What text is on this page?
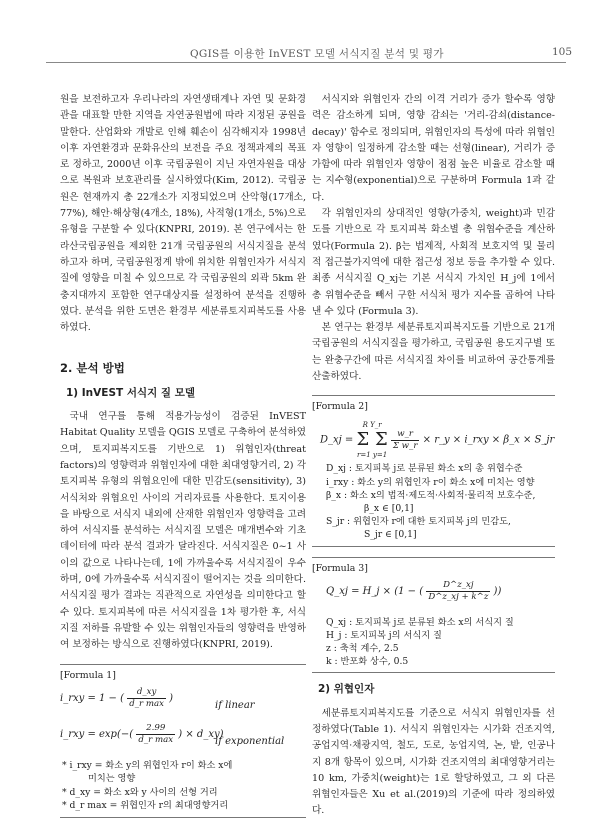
QGIS를 이용한 InVEST 모델 서식지질 분석 및 평가	105

원을 보전하고자 우리나라의 자연생태계나 자연 및 문화경관을 대표할 만한 지역을 자연공원법에 따라 지정된 공원을 말한다. 산업화와 개발로 인해 훼손이 심각해지자 1998년 이후 자연환경과 문화유산의 보전을 주요 정책과제의 목표로 정하고, 2000년 이후 국립공원이 지닌 자연자원을 대상으로 복원과 보호관리를 실시하였다(Kim, 2012). 국립공원은 현재까지 총 22개소가 지정되었으며 산악형(17개소, 77%), 해안·해상형(4개소, 18%), 사적형(1개소, 5%)으로 유형을 구분할 수 있다(KNPRI, 2019). 본 연구에서는 한라산국립공원을 제외한 21개 국립공원의 서식지질을 분석하고자 하며, 국립공원정계 밖에 위치한 위협인자가 서식지질에 영향을 미칠 수 있으므로 각 국립공원의 외곽 5km 완충지대까지 포함한 연구대상지를 설정하여 분석을 진행하였다. 분석을 위한 도면은 환경부 세분류토지피복도를 사용하였다.

2. 분석 방법
1) InVEST 서식지 질 모델

국내 연구를 통해 적용가능성이 검증된 InVEST Habitat Quality 모델을 QGIS 모델로 구축하여 분석하였으며, 토지피복지도를 기반으로 1) 위협인자(threat factors)의 영향력과 위협인자에 대한 최대영향거리, 2) 각 토지피복 유형의 위협요인에 대한 민감도(sensitivity), 3) 서식처와 위협요인 사이의 거리자료를 사용한다. 토지이용을 바탕으로 서식지 내외에 산재한 위협인자 영향력을 고려하여 서식지를 분석하는 서식지질 모델은 매개변수와 기초 데이터에 따라 분석 결과가 달라진다. 서식지질은 0~1 사이의 값으로 나타나는데, 1에 가까울수록 서식지질이 우수하며, 0에 가까울수록 서식지질이 떨어지는 것을 의미한다. 서식지질 평가 결과는 직관적으로 자연성을 의미한다고 할 수 있다. 토지피복에 따른 서식지질을 1차 평가한 후, 서식지질 저하를 유발할 수 있는 위협인자들의 영향력을 반영하여 보정하는 방식으로 진행하였다(KNPRI, 2019).

[Formula 1]
i_rxy = 1 − ( $\frac{d\_xy}{\text{d\_r max}}$ )
if linear
i_rxy = $\exp(-( \frac{2.99}{\text{d\_r max}}$ ) × d_xy)
if exponential
* i_rxy = 화소 y의 위협인자 r이 화소 x에
미치는 영향
* d_xy = 화소 x와 y 사이의 선형 거리
* d_r max = 위협인자 r의 최대영향거리

서식지와 위협인자 간의 이격 거리가 증가 할수록 영향력은 감소하게 되며, 영향 감쇠는 '거리-감쇠(distance-decay)' 함수로 정의되며, 위협인자의 특성에 따라 위협인자 영향이 일정하게 감소할 때는 선형(linear), 거리가 증가함에 따라 위협인자 영향이 점점 높은 비율로 감소할 때는 지수형(exponential)으로 구분하며 Formula 1과 같다.

각 위협인자의 상대적인 영향(가중치, weight)과 민감도를 기반으로 각 토지피복 화소별 총 위협수준을 계산하였다(Formula 2). β는 법제적, 사회적 보호지역 및 물리적 접근불가지역에 대한 접근성 정보 등을 추가할 수 있다. 최종 서식지질 Q_xj는 기본 서식지 가치인 H_j에 1에서 총 위협수준을 빼서 구한 서식처 평가 지수를 곱하여 나타낸 수 있다 (Formula 3).

본 연구는 환경부 세분류토지피복지도를 기반으로 21개 국립공원의 서식지질을 평가하고, 국립공원 용도지구별 또는 완충구간에 따른 서식지질 차이를 비교하여 공간통계를 산출하였다.

[Formula 2]
D_xj =
R Y_r
Σ Σ
r=1 y=1

$\frac{w\_r}{\text{Σ w\_r}}$ × r_y × i_rxy × β_x × S_jr
D_xj : 토지피복 j로 분류된 화소 x의 총 위협수준
i_rxy : 화소 y의 위협인자 r이 화소 x에 미치는 영향
β_x : 화소 x의 법적·제도적·사회적·물리적 보호수준,
β_x ∈ [0,1]
S_jr : 위협인자 r에 대한 토지피복 j의 민감도,
S_jr ∈ [0,1]
[Formula 3]
Q_xj = H_j × (1 − ( $\frac{D\^{}z\_xj}{D\^{}z\_xj + k\^{}z}$ ))
Q_xj : 토지피복 j로 분류된 화소 x의 서식지 질
H_j : 토지피복 j의 서식지 질
z : 축척 계수, 2.5
k : 반포화 상수, 0.5
2) 위협인자

세분류토지피복지도를 기준으로 서식지 위협인자를 선정하였다(Table 1). 서식지 위협인자는 시가화 건조지역, 공업지역·채광지역, 철도, 도로, 농업지역, 논, 밭, 인공나지 8개 항목이 있으며, 시가화 건조지역의 최대영향거리는 10 km, 가중치(weight)는 1로 할당하였고, 그 외 다른 위협인자들은 Xu et al.(2019)의 기준에 따라 정의하였다.
